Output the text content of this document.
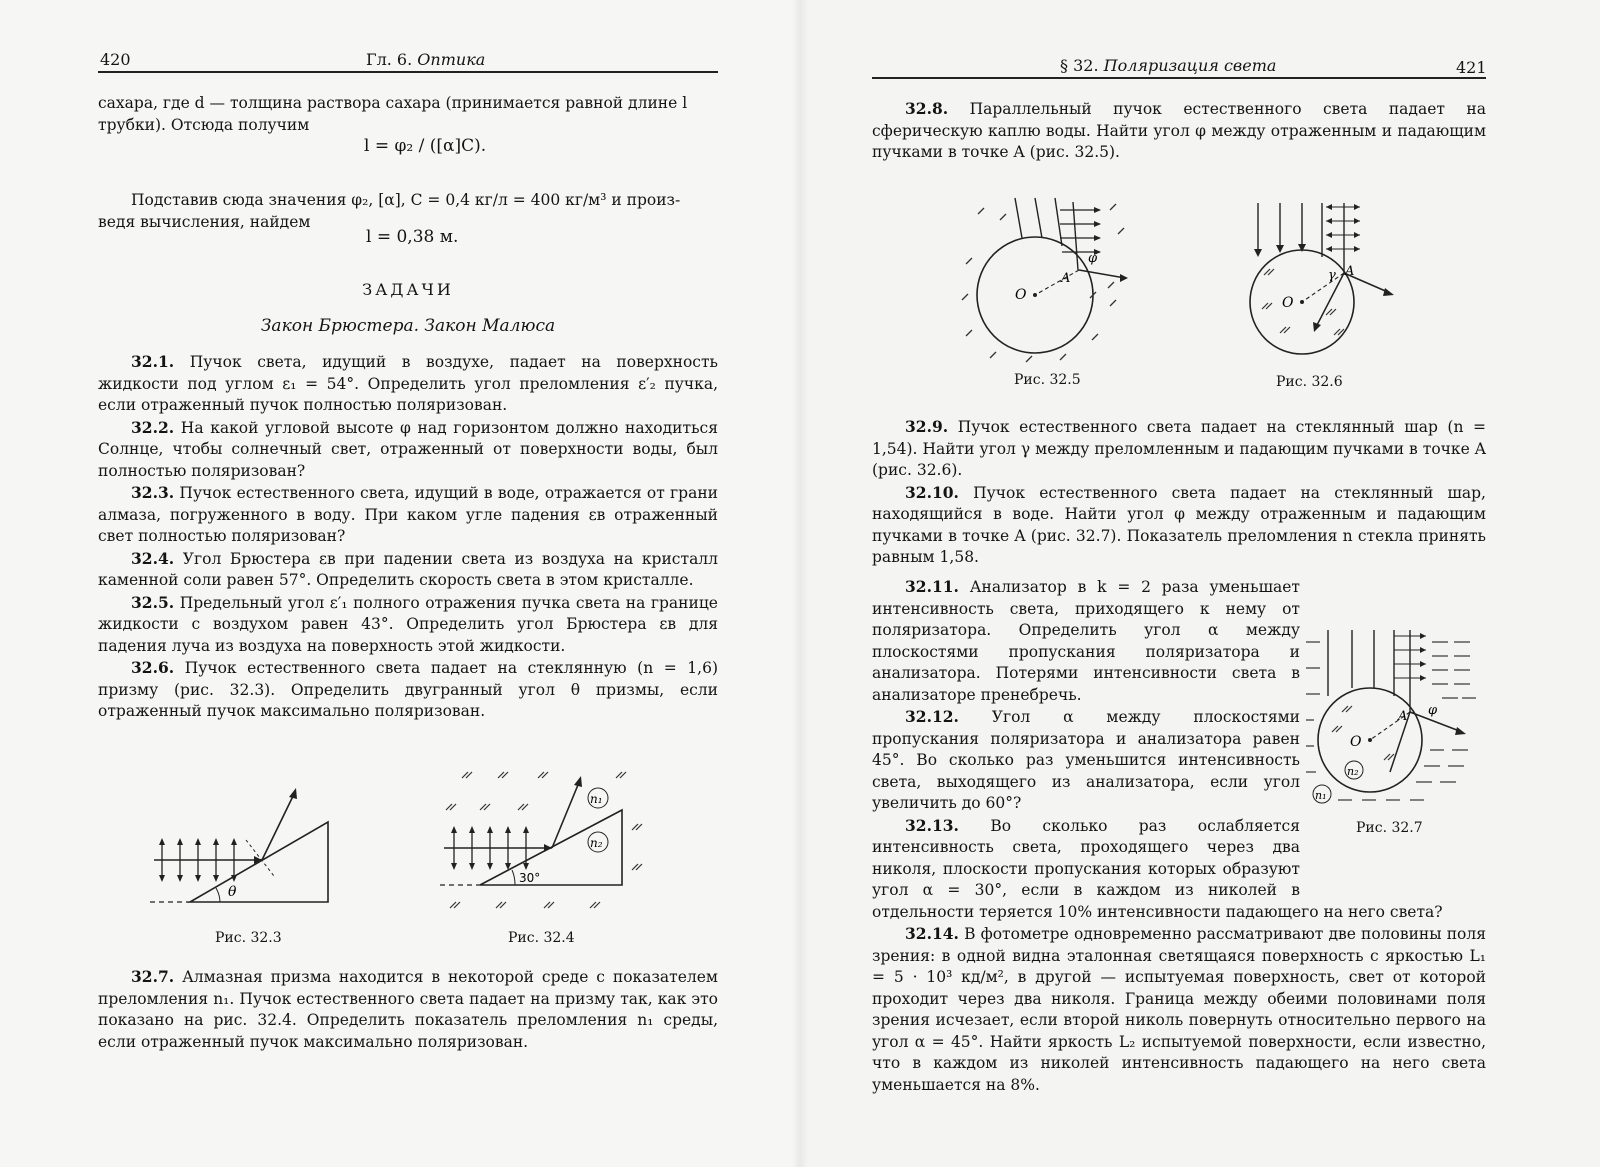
420	Гл. 6. Оптика

сахара, где d — толщина раствора сахара (принимается равной длине l

трубки). Отсюда получим

l = φ₂ / ([α]C).

Подставив сюда значения φ₂, [α], C = 0,4 кг/л = 400 кг/м³ и произ-

ведя вычисления, найдем

l = 0,38 м.
ЗАДАЧИ
Закон Брюстера. Закон Малюса

32.1. Пучок света, идущий в воздухе, падает на поверхность жидкости под углом ε₁ = 54°. Определить угол преломления ε′₂ пучка, если отраженный пучок полностью поляризован.

32.2. На какой угловой высоте φ над горизонтом должно находиться Солнце, чтобы солнечный свет, отраженный от поверхности воды, был полностью поляризован?

32.3. Пучок естественного света, идущий в воде, отражается от грани алмаза, погруженного в воду. При каком угле падения εв отраженный свет полностью поляризован?

32.4. Угол Брюстера εв при падении света из воздуха на кристалл каменной соли равен 57°. Определить скорость света в этом кристалле.

32.5. Предельный угол ε′₁ полного отражения пучка света на границе жидкости с воздухом равен 43°. Определить угол Брюстера εв для падения луча из воздуха на поверхность этой жидкости.

32.6. Пучок естественного света падает на стеклянную (n = 1,6) призму (рис. 32.3). Определить двугранный угол θ призмы, если отраженный пучок максимально поляризован.

θ
Рис. 32.3
30°
n₁
n₂
Рис. 32.4

32.7. Алмазная призма находится в некоторой среде с показателем преломления n₁. Пучок естественного света падает на призму так, как это показано на рис. 32.4. Определить показатель преломления n₁ среды, если отраженный пучок максимально поляризован.

§ 32. Поляризация света	421

32.8. Параллельный пучок естественного света падает на сферическую каплю воды. Найти угол φ между отраженным и падающим пучками в точке A (рис. 32.5).

O
A
φ
Рис. 32.5
O
A
γ
Рис. 32.6

32.9. Пучок естественного света падает на стеклянный шар (n = 1,54). Найти угол γ между преломленным и падающим пучками в точке A (рис. 32.6).

32.10. Пучок естественного света падает на стеклянный шар, находящийся в воде. Найти угол φ между отраженным и падающим пучками в точке A (рис. 32.7). Показатель преломления n стекла принять равным 1,58.

32.11. Анализатор в k = 2 раза уменьшает интенсивность света, приходящего к нему от поляризатора. Определить угол α между плоскостями пропускания поляризатора и анализатора. Потерями интенсивности света в анализаторе пренебречь.

32.12. Угол α между плоскостями пропускания поляризатора и анализатора равен 45°. Во сколько раз уменьшится интенсивность света, выходящего из анализатора, если угол увеличить до 60°?

32.13. Во сколько раз ослабляется интенсивность света, проходящего через два николя, плоскости пропускания которых образуют угол α = 30°, если в каждом из николей в отдельности теряется 10% интенсивности падающего на него света?

32.14. В фотометре одновременно рассматривают две половины поля зрения: в одной видна эталонная светящаяся поверхность с яркостью L₁ = 5 · 10³ кд/м², в другой — испытуемая поверхность, свет от которой проходит через два николя. Граница между обеими половинами поля зрения исчезает, если второй николь повернуть относительно первого на угол α = 45°. Найти яркость L₂ испытуемой поверхности, если известно, что в каждом из николей интенсивность падающего на него света уменьшается на 8%.

O
A φ
n₂
n₁
Рис. 32.7
